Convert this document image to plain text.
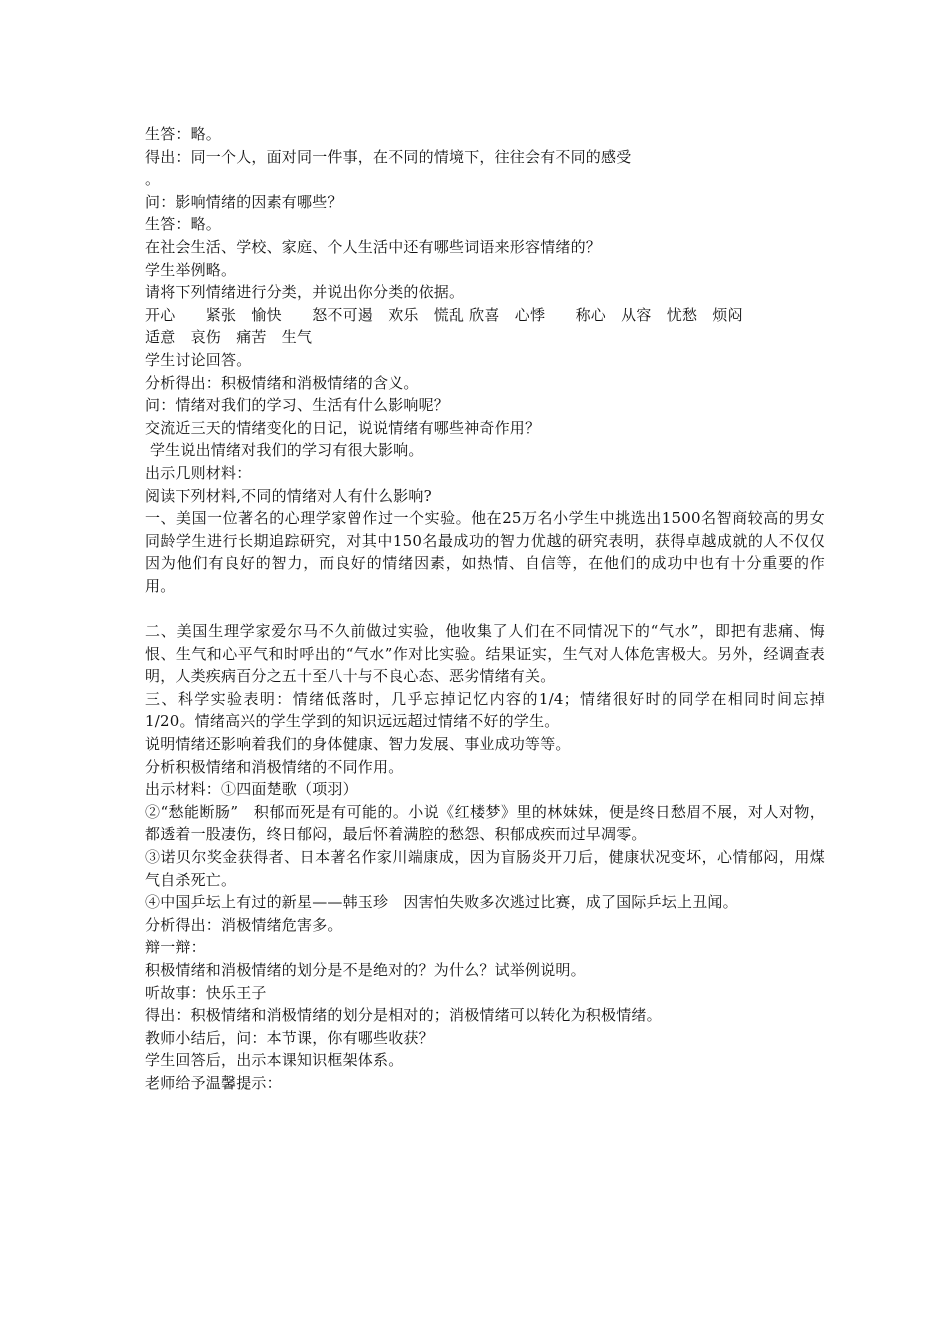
生答：略。
得出：同一个人，面对同一件事，在不同的情境下，往往会有不同的感受
。
问：影响情绪的因素有哪些？
生答：略。
在社会生活、学校、家庭、个人生活中还有哪些词语来形容情绪的？
学生举例略。
请将下列情绪进行分类，并说出你分类的依据。
开心　　紧张　愉快　　怒不可遏　欢乐　慌乱 欣喜　心悸　　称心　从容　忧愁　烦闷
适意　哀伤　痛苦　生气
学生讨论回答。
分析得出：积极情绪和消极情绪的含义。
问：情绪对我们的学习、生活有什么影响呢？
交流近三天的情绪变化的日记，说说情绪有哪些神奇作用？
学生说出情绪对我们的学习有很大影响。
出示几则材料：
阅读下列材料,不同的情绪对人有什么影响?
一、美国一位著名的心理学家曾作过一个实验。他在25万名小学生中挑选出1500名智商较高的男女同龄学生进行长期追踪研究，对其中150名最成功的智力优越的研究表明，获得卓越成就的人不仅仅因为他们有良好的智力，而良好的情绪因素，如热情、自信等，在他们的成功中也有十分重要的作用。
二、美国生理学家爱尔马不久前做过实验，他收集了人们在不同情况下的“气水”，即把有悲痛、悔恨、生气和心平气和时呼出的“气水”作对比实验。结果证实，生气对人体危害极大。另外，经调查表明，人类疾病百分之五十至八十与不良心态、恶劣情绪有关。
三、科学实验表明：情绪低落时，几乎忘掉记忆内容的1/4；情绪很好时的同学在相同时间忘掉1/20。情绪高兴的学生学到的知识远远超过情绪不好的学生。
说明情绪还影响着我们的身体健康、智力发展、事业成功等等。
分析积极情绪和消极情绪的不同作用。
出示材料：①四面楚歌（项羽）
②“愁能断肠”　积郁而死是有可能的。小说《红楼梦》里的林妹妹，便是终日愁眉不展，对人对物，都透着一股凄伤，终日郁闷，最后怀着满腔的愁怨、积郁成疾而过早凋零。
③诺贝尔奖金获得者、日本著名作家川端康成，因为盲肠炎开刀后，健康状况变坏，心情郁闷，用煤气自杀死亡。
④中国乒坛上有过的新星——韩玉珍　因害怕失败多次逃过比赛，成了国际乒坛上丑闻。
分析得出：消极情绪危害多。
辩一辩：
积极情绪和消极情绪的划分是不是绝对的？为什么？试举例说明。
听故事：快乐王子
得出：积极情绪和消极情绪的划分是相对的；消极情绪可以转化为积极情绪。
教师小结后，问：本节课，你有哪些收获？
学生回答后，出示本课知识框架体系。
老师给予温馨提示：
